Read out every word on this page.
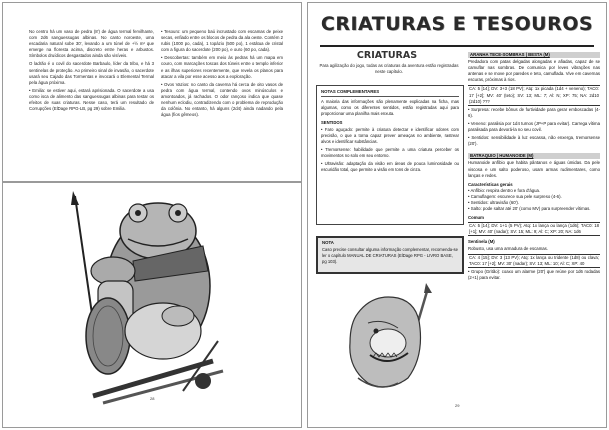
No centro há um vaso de pedra (8') de água termal fervilhante, com 2d6 sanguessugas albinas. No canto noroeste, uma escadaria natural sobe 30', levando a um túnel de +½ m² que emerge na floresta acima, discreto entre heras e arbustos. Símbolos druídicos desgastados ainda são visíveis.

O ladrão é o covil do sacerdote Barbaulo, líder da tribo, e há 3 sentinelas de proteção. Ao primeiro sinal de invasão, o sacerdote usará seu Cajado das Tormentas e invocará o Elemental Termal pela água próxima.

• Emilia: se estiver aqui, estará aprisionada. O sacerdote a usa como isca de alimento das sanguessugas albinas para testar os efeitos de suas criaturas. Nesse caso, terá um resultado de Corrupções (ElDage RPG-LB, pg 29) sobre Emilia.

• Tesouro: um pequeno baú incrustado com escamas de peixe secas, enfiado entre os blocos de pedra da ala oeste. Contém 2 rubis (1000 po, cada), 1 topázio (500 po), 1 estátua de cristal com a figura do sacerdote (200 po), e ouro (60 po, cada).

• Descobertas: também em meio às pedras há um mapa em couro, com marcações toscas dos túneis entre o templo inferior e as ilhas superiores recentemente, que revela os planos para atacar a vila por esse acesso aos a exploração.

• Ovos Vazios: no canto da caverna há cerca de oito vasos de pedra com água termal, contendo ovos minúsculos e amontoados, já rachados. O odor rançoso indica que quase nenhum eclodiu, contradizendo com o problema de reprodução da colônia. No entanto, há alguns (2d4) ainda nadando pela água (fios gêmeos).

28
CRIATURAS E TESOUROS
CRIATURAS
Para agilização do jogo, todas as criaturas da aventura estão registradas neste capítulo.
NOTAS COMPLEMENTARES

A maioria das informações são plenamente explicadas na ficha, mas algumas, como os diferentes sentidos, estão registradas aqui para proporcionar uma planilha mais enxuta.

SENTIDOS

• Faro aguçado: permite à criatura detectar e identificar odores com precisão, o que a torna capaz prever ameaças no ambiente, rastrear alvos e identificar substâncias.

• Tremorsense: habilidade que permite a uma criatura perceber os movimentos no solo em seu entorno.

• Ultravisão: adaptação da visão em áreas de pouca luminosidade ou escuridão total, que permite a visão em tons de cinza.

NOTA
Caso precise consultar alguma informação complementar, recomenda-se ler o capítulo MANUAL DE CRIATURAS (ElDage RPG - LIVRO BASE, pg 103).
ARANHA TECE-SOMBRAS | BESTA (M)

Predadora com patas delgadas alongadas e afiadas, capaz de se camuflar nas sombras. De comunica por leves vibrações nas antenas e se move por paredes e teto, camuflada. Vive em cavernas escuras, próximas à rios.

CA: 5 [14]; DV: 3+3 (18 PV); Atq: 1x picada (1d4 + veneno); TAC0: 17 [+2]; MV: 40' (teto); SV: 13; ML: 7; Al: N; XP: 75; NA: 2d10 (2d10) ???

• Surpresa: recebe bônus de furtividade para gerar emboscadas (4-6).

• Veneno: paralisia por 1d4 turnos (JP+P para evitar). Carrega vítima paralisada para devorá-la no seu covil.

• Sentidos: sensibilidade à luz escassa, não enxerga, tremorsense (20').

BATRAQUIO | HUMANOIDE (M)

Humanoide anfíbio que habita pântanos e águas úmidas. Da pele viscosa e um salto poderoso, usam armas rudimentares, como lanças e redes.

Características gerais
• Anfíbio: respira dentro e fora d'água.
• Camuflagem: escurece sua pele surpreso (4-6).
• Sentidos: ultravisão (60').
• Salto: pode saltar até 20' (como MV) para surpreender vítimas.
Comum
CA: 5 [14]; DV: 1+1 (5 PV); Atq: 1x lança ou lança (1d6); TAC0: 18 [+1]; MV: 40' (nadar); SV: 15; ML: 9; Al: C; XP: 20; NA: 1d6
Sentinela (M)

Robusto, usa uma armadura de escamas.

CA: 4 [15]; DV: 3 (13 PV); Atq: 1x lança ou tridente (1d8) ou clava; TAC0: 17 [+2]; MV: 30' (nadar); SV: 13; ML: 10; Al: C; XP: 40

• Grupo (Gritão): coaxo um alarme (20') que reúne por 1d6 rodadas (2+1) para evitar.

29
